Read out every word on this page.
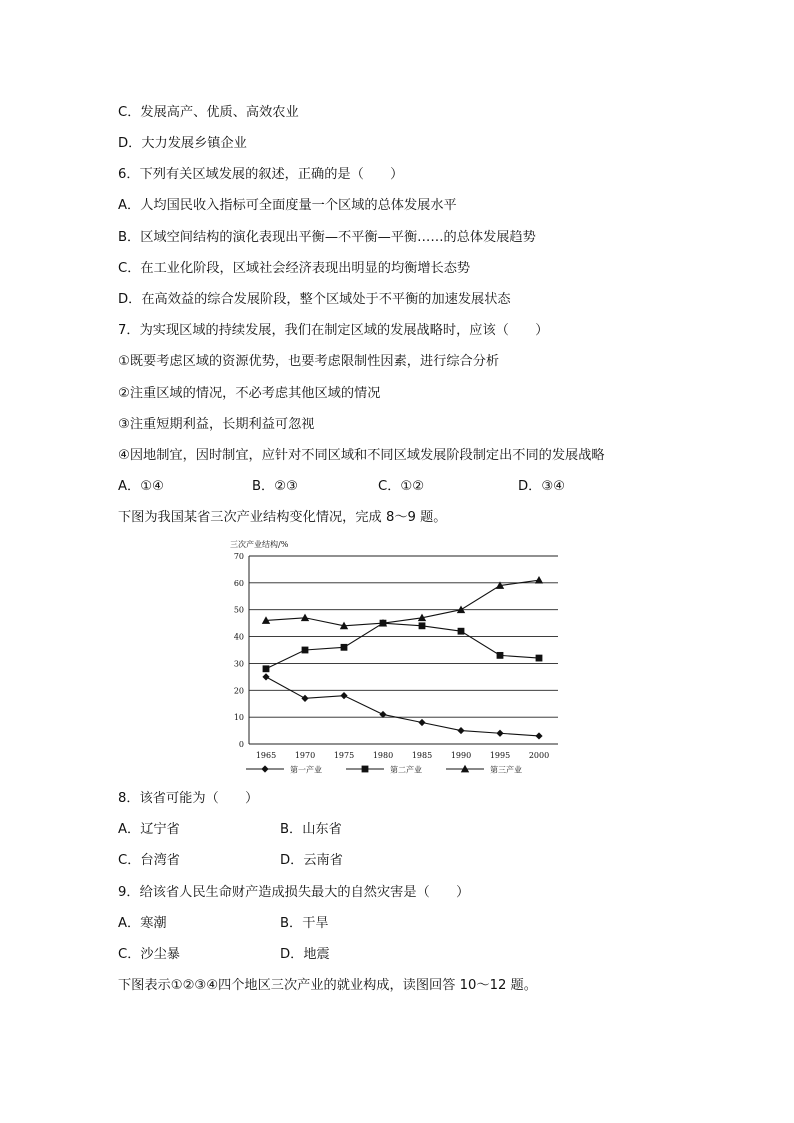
C．发展高产、优质、高效农业
D．大力发展乡镇企业
6．下列有关区域发展的叙述，正确的是（　　）
A．人均国民收入指标可全面度量一个区域的总体发展水平
B．区域空间结构的演化表现出平衡—不平衡—平衡……的总体发展趋势
C．在工业化阶段，区域社会经济表现出明显的均衡增长态势
D．在高效益的综合发展阶段，整个区域处于不平衡的加速发展状态
7．为实现区域的持续发展，我们在制定区域的发展战略时，应该（　　）
①既要考虑区域的资源优势，也要考虑限制性因素，进行综合分析
②注重区域的情况，不必考虑其他区域的情况
③注重短期利益，长期利益可忽视
④因地制宜，因时制宜，应针对不同区域和不同区域发展阶段制定出不同的发展战略
A．①④	B．②③	C．①②	D．③④
下图为我国某省三次产业结构变化情况，完成 8～9 题。
0
10
20
30
40
50
60
70
1965 1970 1975 1980 1985 1990 1995 2000
三次产业结构/%
第一产业	第二产业	第三产业
8．该省可能为（　　）
A．辽宁省	B．山东省
C．台湾省	D．云南省
9．给该省人民生命财产造成损失最大的自然灾害是（　　）
A．寒潮	B．干旱
C．沙尘暴	D．地震
下图表示①②③④四个地区三次产业的就业构成，读图回答 10～12 题。
